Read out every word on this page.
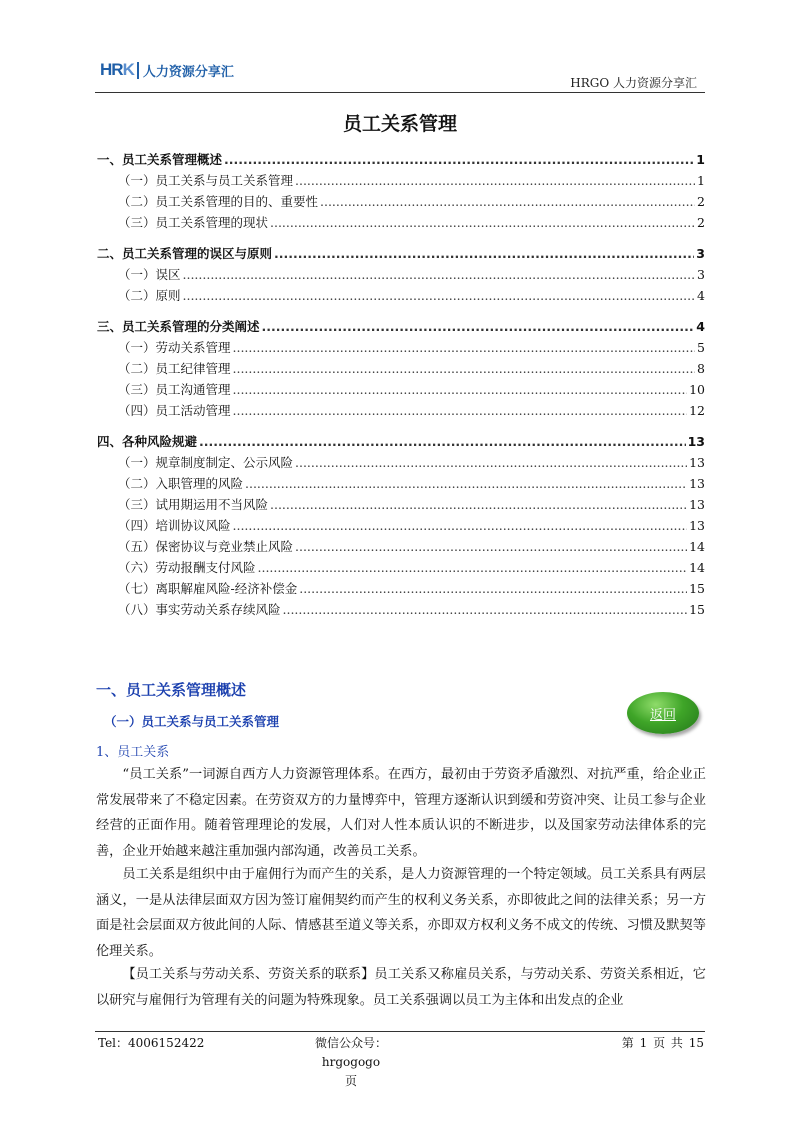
HRK 人力资源分享汇
HRGO 人力资源分享汇
员工关系管理
一、员工关系管理概述 .....	1
（一）员工关系与员工关系管理 .....	1
（二）员工关系管理的目的、重要性 .....	2
（三）员工关系管理的现状 .....	2
二、员工关系管理的误区与原则 .....	3
（一）误区 .....	3
（二）原则 .....	4
三、员工关系管理的分类阐述 .....	4
（一）劳动关系管理 .....	5
（二）员工纪律管理 .....	8
（三）员工沟通管理 .....	10
（四）员工活动管理 .....	12
四、各种风险规避 .....	13
（一）规章制度制定、公示风险 .....	13
（二）入职管理的风险 .....	13
（三）试用期运用不当风险 .....	13
（四）培训协议风险 .....	13
（五）保密协议与竞业禁止风险 .....	14
（六）劳动报酬支付风险 .....	14
（七）离职解雇风险-经济补偿金 .....	15
（八）事实劳动关系存续风险 .....	15
一、员工关系管理概述
（一）员工关系与员工关系管理
1、员工关系
返回
“员工关系”一词源自西方人力资源管理体系。在西方，最初由于劳资矛盾激烈、对抗严重，给企业正常发展带来了不稳定因素。在劳资双方的力量博弈中，管理方逐渐认识到缓和劳资冲突、让员工参与企业经营的正面作用。随着管理理论的发展，人们对人性本质认识的不断进步，以及国家劳动法律体系的完善，企业开始越来越注重加强内部沟通，改善员工关系。
员工关系是组织中由于雇佣行为而产生的关系，是人力资源管理的一个特定领域。员工关系具有两层涵义，一是从法律层面双方因为签订雇佣契约而产生的权利义务关系，亦即彼此之间的法律关系；另一方面是社会层面双方彼此间的人际、情感甚至道义等关系，亦即双方权利义务不成文的传统、习惯及默契等伦理关系。
【员工关系与劳动关系、劳资关系的联系】员工关系又称雇员关系，与劳动关系、劳资关系相近，它以研究与雇佣行为管理有关的问题为特殊现象。员工关系强调以员工为主体和出发点的企业
Tel：4006152422	微信公众号：hrgogogo
页
第 1 页 共 15
